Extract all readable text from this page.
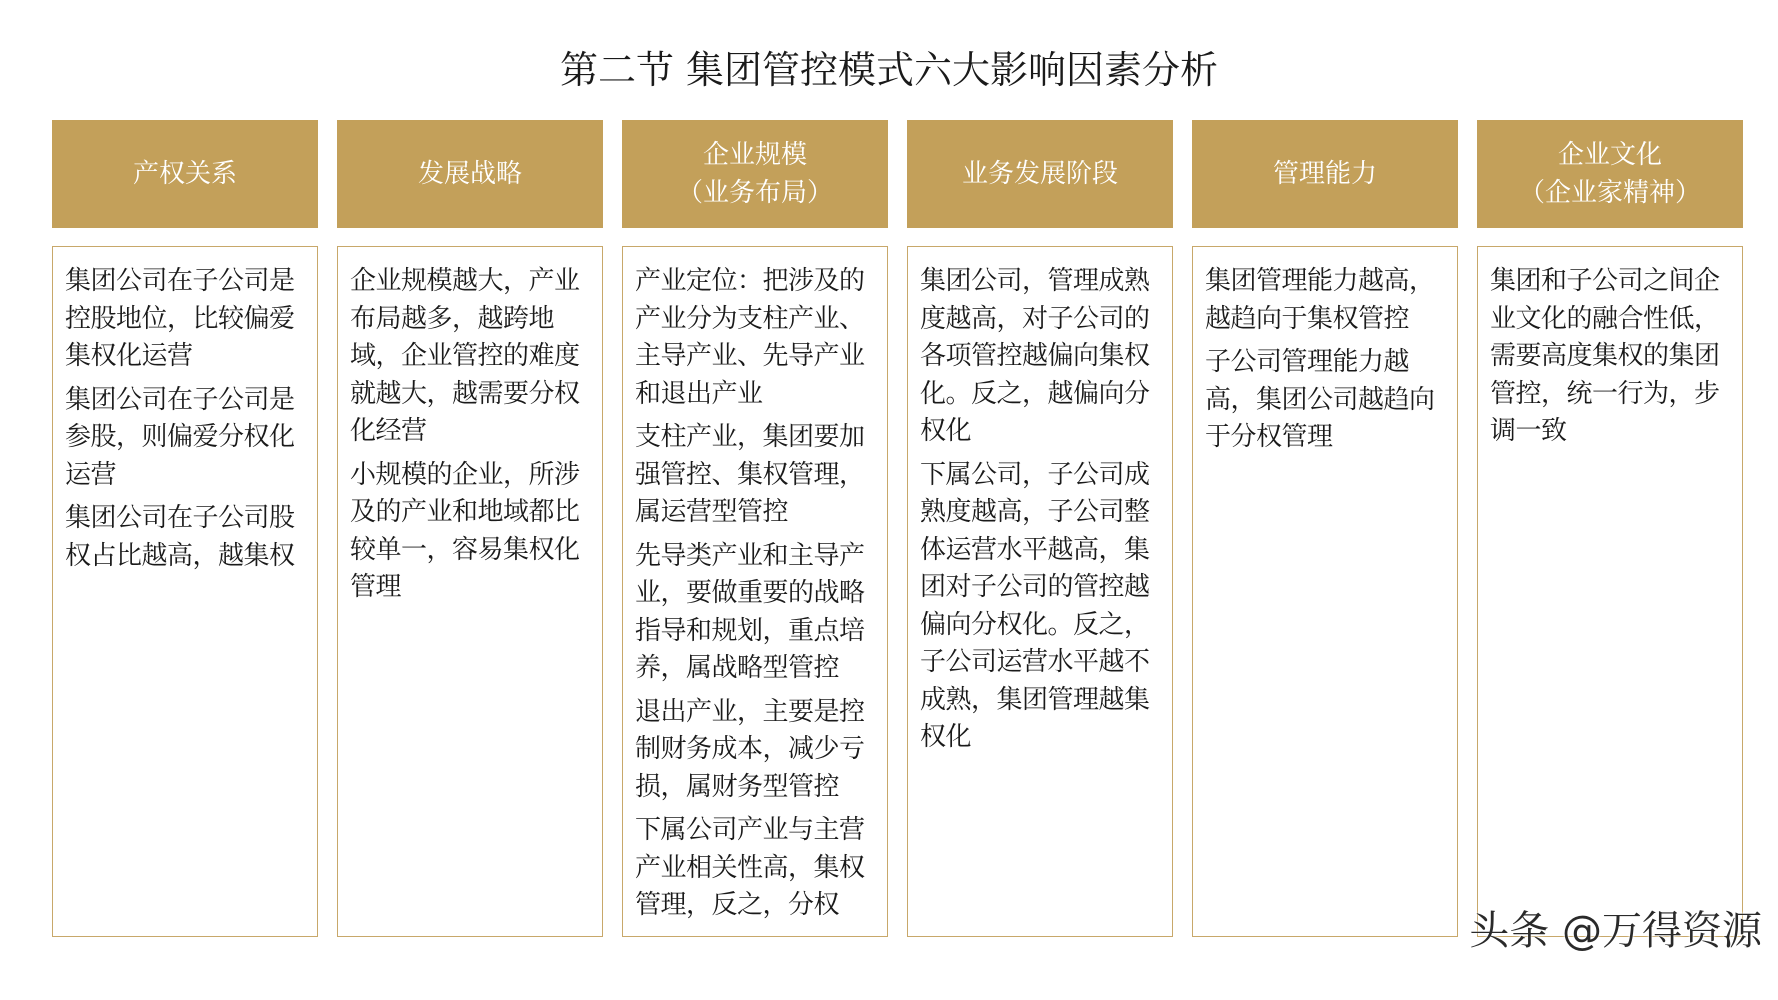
第二节 集团管控模式六大影响因素分析
产权关系

集团公司在子公司是控股地位，比较偏爱集权化运营

集团公司在子公司是参股，则偏爱分权化运营

集团公司在子公司股权占比越高，越集权

发展战略

企业规模越大，产业布局越多，越跨地域，企业管控的难度就越大，越需要分权化经营

小规模的企业，所涉及的产业和地域都比较单一，容易集权化管理

企业规模
（业务布局）

产业定位：把涉及的产业分为支柱产业、主导产业、先导产业和退出产业

支柱产业，集团要加强管控、集权管理，属运营型管控

先导类产业和主导产业，要做重要的战略指导和规划，重点培养，属战略型管控

退出产业，主要是控制财务成本，减少亏损，属财务型管控

下属公司产业与主营产业相关性高，集权管理，反之，分权

业务发展阶段

集团公司，管理成熟度越高，对子公司的各项管控越偏向集权化。反之，越偏向分权化

下属公司，子公司成熟度越高，子公司整体运营水平越高，集团对子公司的管控越偏向分权化。反之，子公司运营水平越不成熟，集团管理越集权化

管理能力

集团管理能力越高，越趋向于集权管控

子公司管理能力越高，集团公司越趋向于分权管理

企业文化
（企业家精神）

集团和子公司之间企业文化的融合性低，需要高度集权的集团管控，统一行为，步调一致

头条 @万得资源
